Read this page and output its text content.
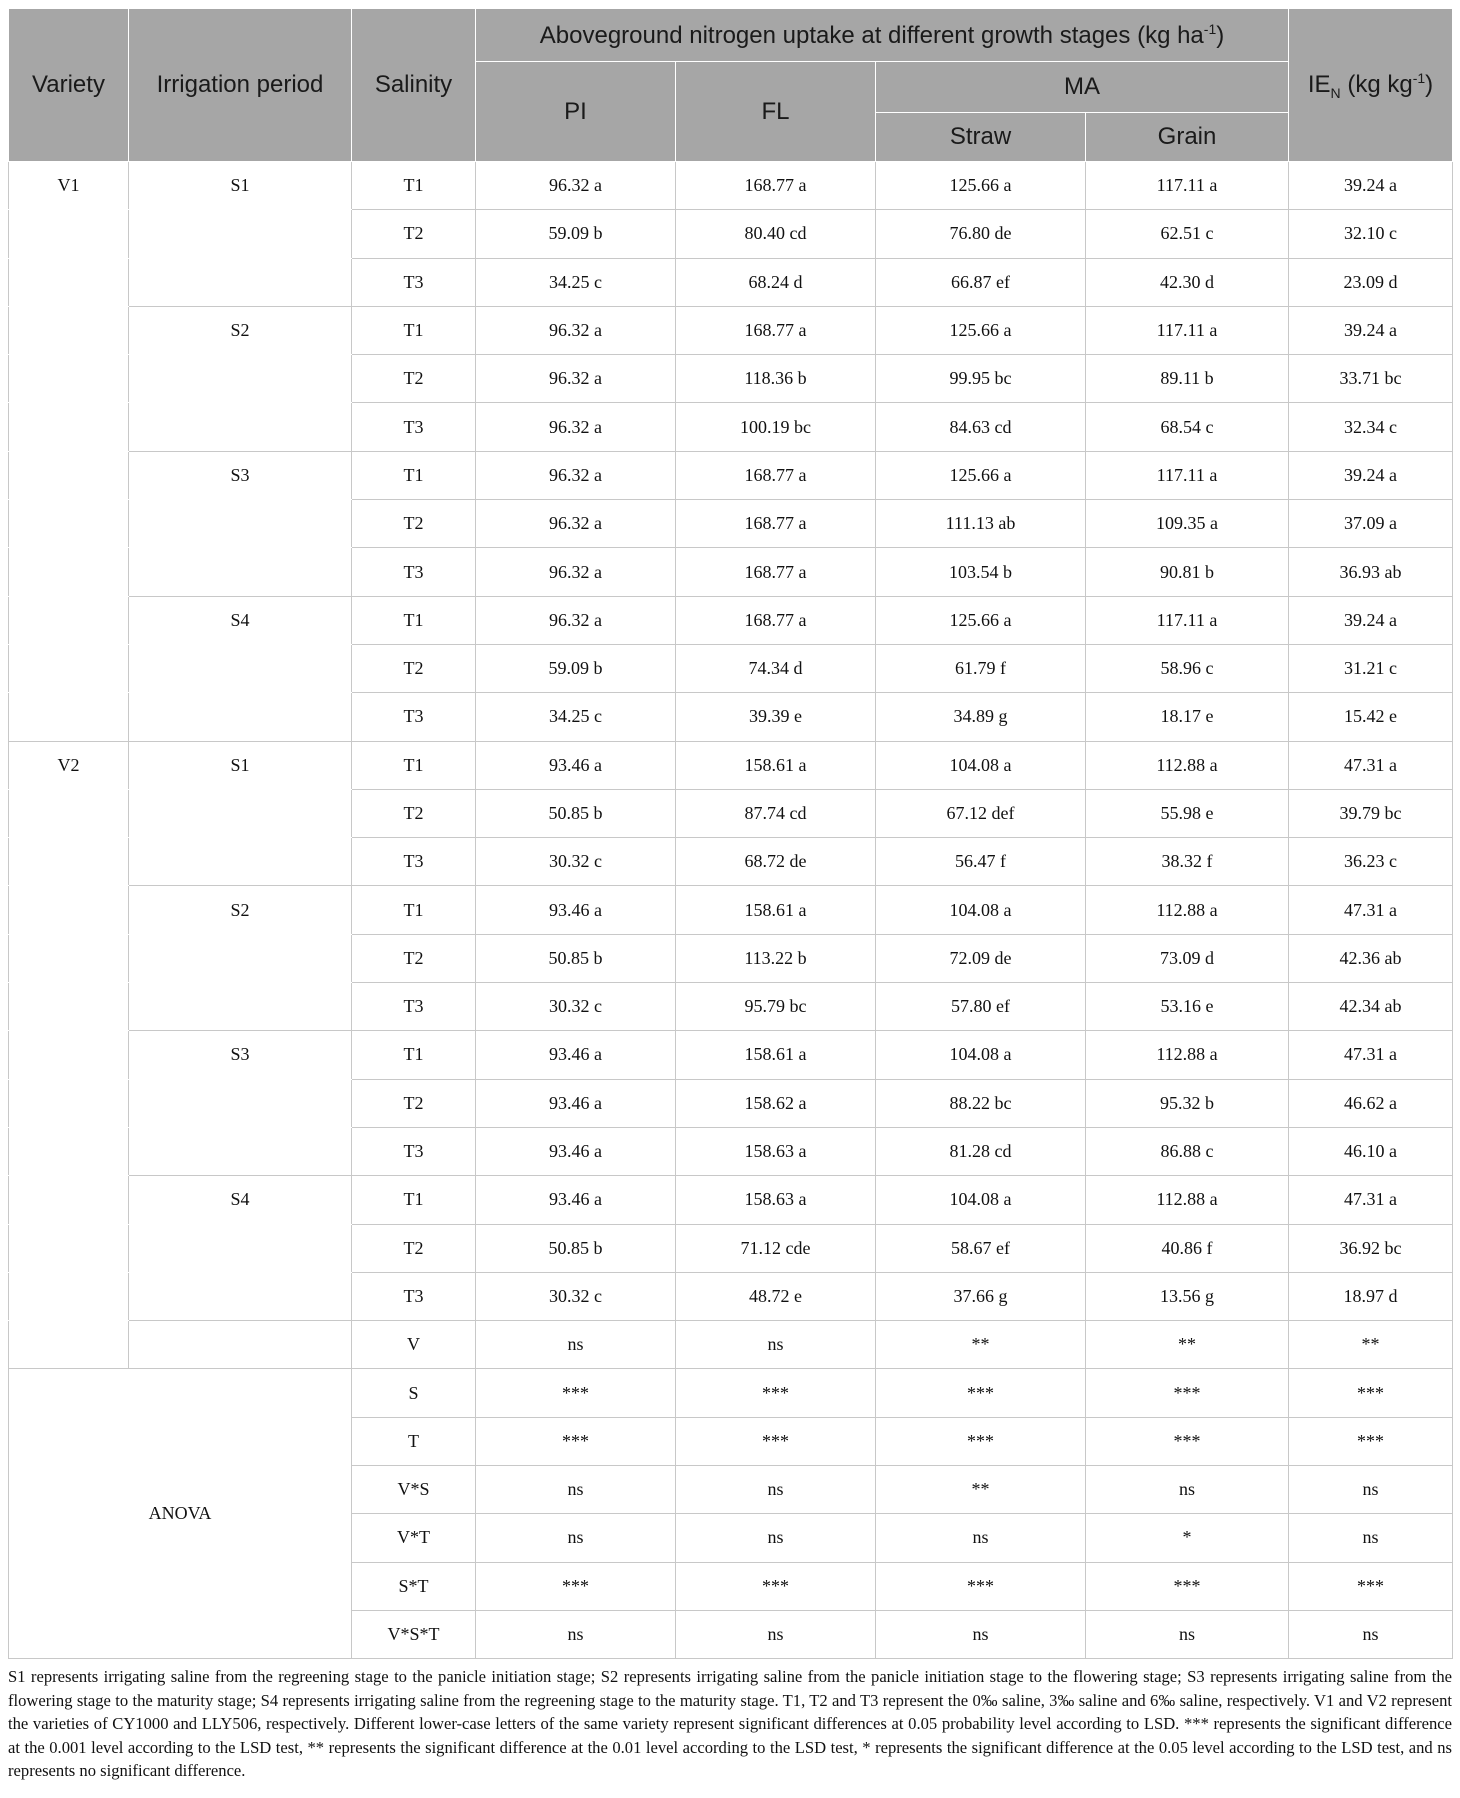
Variety	Irrigation period	Salinity	Aboveground nitrogen uptake at different growth stages (kg $ha^{-1}$)				$IE_N$ (kg $kg^{-1}$)
			PI	FL	MA		
					Straw	Grain	
V1	S1	T1	96.32 a	168.77 a	125.66 a	117.11 a	39.24 a
		T2	59.09 b	80.40 cd	76.80 de	62.51 c	32.10 c
		T3	34.25 c	68.24 d	66.87 ef	42.30 d	23.09 d
	S2	T1	96.32 a	168.77 a	125.66 a	117.11 a	39.24 a
		T2	96.32 a	118.36 b	99.95 bc	89.11 b	33.71 bc
		T3	96.32 a	100.19 bc	84.63 cd	68.54 c	32.34 c
	S3	T1	96.32 a	168.77 a	125.66 a	117.11 a	39.24 a
		T2	96.32 a	168.77 a	111.13 ab	109.35 a	37.09 a
		T3	96.32 a	168.77 a	103.54 b	90.81 b	36.93 ab
	S4	T1	96.32 a	168.77 a	125.66 a	117.11 a	39.24 a
		T2	59.09 b	74.34 d	61.79 f	58.96 c	31.21 c
		T3	34.25 c	39.39 e	34.89 g	18.17 e	15.42 e
V2	S1	T1	93.46 a	158.61 a	104.08 a	112.88 a	47.31 a
		T2	50.85 b	87.74 cd	67.12 def	55.98 e	39.79 bc
		T3	30.32 c	68.72 de	56.47 f	38.32 f	36.23 c
	S2	T1	93.46 a	158.61 a	104.08 a	112.88 a	47.31 a
		T2	50.85 b	113.22 b	72.09 de	73.09 d	42.36 ab
		T3	30.32 c	95.79 bc	57.80 ef	53.16 e	42.34 ab
	S3	T1	93.46 a	158.61 a	104.08 a	112.88 a	47.31 a
		T2	93.46 a	158.62 a	88.22 bc	95.32 b	46.62 a
		T3	93.46 a	158.63 a	81.28 cd	86.88 c	46.10 a
	S4	T1	93.46 a	158.63 a	104.08 a	112.88 a	47.31 a
		T2	50.85 b	71.12 cde	58.67 ef	40.86 f	36.92 bc
		T3	30.32 c	48.72 e	37.66 g	13.56 g	18.97 d
		V	ns	ns	**	**	**
ANOVA		S	***	***	***	***	***
		T	***	***	***	***	***
		V*S	ns	ns	**	ns	ns
		V*T	ns	ns	ns	*	ns
		S*T	***	***	***	***	***
		V*S*T	ns	ns	ns	ns	ns
S1 represents irrigating saline from the regreening stage to the panicle initiation stage; S2 represents irrigating saline from the panicle initiation stage to the flowering stage; S3 represents irrigating saline from the flowering stage to the maturity stage; S4 represents irrigating saline from the regreening stage to the maturity stage. T1, T2 and T3 represent the 0‰ saline, 3‰ saline and 6‰ saline, respectively. V1 and V2 represent the varieties of CY1000 and LLY506, respectively. Different lower-case letters of the same variety represent significant differences at 0.05 probability level according to LSD. *** represents the significant difference at the 0.001 level according to the LSD test, ** represents the significant difference at the 0.01 level according to the LSD test, * represents the significant difference at the 0.05 level according to the LSD test, and ns represents no significant difference.
